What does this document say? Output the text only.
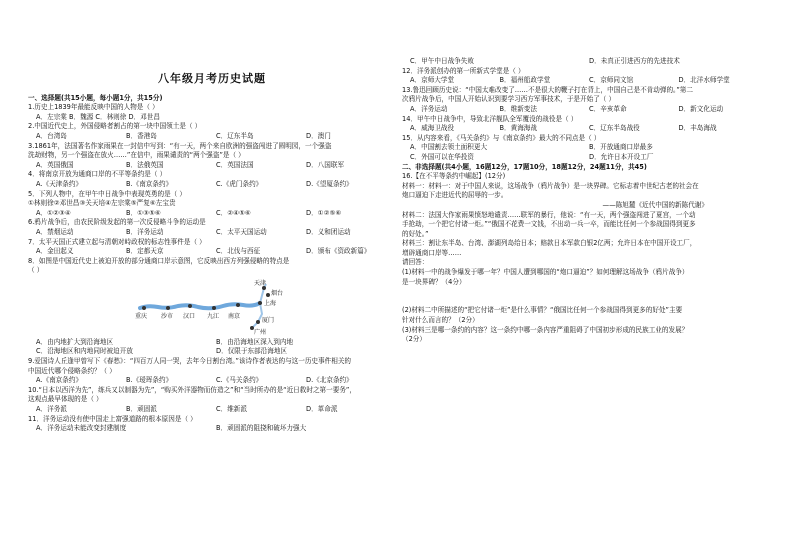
八年级月考历史试题
一、选择题(共15小题，每小题1分，共15分)
1.历史上1839年最能反映中国的人物是（ ）
A．左宗棠 B．魏源 C．林则徐 D．邓世昌
2.中国近代史上，外国侵略者割占的第一块中国领土是（ ）
A．台湾岛	B．香港岛	C．辽东半岛	D．澳门
3.1861年，法国著名作家雨果在一封信中写到：“有一天，两个来自欧洲的强盗闯进了圆明园，一个强盗
洗劫财物，另一个强盗在放火……”在信中，雨果谴责的“两个强盗”是（ ）
A．英国俄国	B．法俄英国	C．英国法国	D．八国联军
4．将南京开放为通商口岸的不平等条约是（ ）
A.《天津条约》	B.《南京条约》	C.《虎门条约》	D.《望厦条约》
5．下列人物中，在甲午中日战争中表现英勇的是（ ）
①林则徐②邓世昌③关天培④左宗棠⑤严复⑥左宝贵
A．①②③④	B．①③⑤⑥	C．②④⑤⑥	D．①②⑤⑥
6.鸦片战争后，由农民阶级发起的第一次反侵略斗争的运动是
A．禁烟运动	B．洋务运动	C．太平天国运动	D．义和团运动
7．太平天国正式建立起与清朝对峙政权的标志性事件是（ ）
A．金田起义	B．定都天京	C．北伐与西征	D．颁布《资政新篇》
8．如图是中国近代史上被迫开放的部分通商口岸示意图，它反映出西方列强侵略的特点是
（ ）
天津
烟台
上海
重庆 沙市 汉口 九江 南京
厦门
广州
A．由内地扩大到沿海地区	B．由沿海地区深入到内地
C．沿海地区和内地同时被迫开放	D．仅限于东部沿海地区
9.爱国诗人丘逢甲曾写下《春愁》：“四百万人同一哭，去年今日割台湾。”该诗作者表达的与这一历史事件相关的
中国近代哪个侵略条约？（ ）
A.《南京条约》	B.《瑷珲条约》	C.《马关条约》	D.《北京条约》
10.“日本以西洋为先”，练兵又以制器为先”，“购买外洋器物而仿造之”和“当时所办的是“近日救时之第一要务”，
这观点最早体现的是（ ）
A．洋务派	B．顽固派	C．维新派	D．革命派
11．洋务运动没有使中国走上富强道路的根本原因是（ ）
A．洋务运动未能改变封建制度	B．顽固派的阻挠和破坏力强大
C．甲午中日战争失败	D．未真正引进西方的先进技术
12．洋务派创办的第一所新式学堂是（ ）
A．京师大学堂	B．福州船政学堂	C．京师同文馆	D．北洋水师学堂
13.鲁迅回顾历史说：“中国太难改变了……不是很大的鞭子打在背上，中国自己是不肯动弹的。”第二
次鸦片战争后，中国人开始认识到要学习西方军事技术，于是开始了（ ）
A．洋务运动	B．维新变法	C．辛亥革命	D．新文化运动
14．甲午中日战争中，导致北洋舰队全军覆没的战役是（ ）
A．威海卫战役	B．黄海海战	C．辽东半岛战役	D．丰岛海战
15．从内容来看，《马关条约》与《南京条约》最大的不同点是（ ）
A．中国割去领土面积更大	B．开放通商口岸最多
C．外国可以在华投资	D．允许日本开设工厂
二、非选择题(共4小题，16题12分，17题10分，18题12分，24题11分，共45)
16.【在不平等条约中崛起】(12分)
材料一：材料一：对于中国人来说，这场战争（鸦片战争）是一块界碑。它标志着中世纪古老的社会在
炮口逼迫下走进近代的屈辱的一步。
——陈旭麓《近代中国的新陈代谢》
材料二：法国大作家雨果愤怒地谴责……联军的暴行，他说：“有一天，两个强盗闯进了夏宫，一个动
手抢劫，一个把它付诸一炬。”“俄国不花费一文钱，不出动一兵一卒，而能比任何一个参战国得到更多
的好处。”
材料三：割让东半岛、台湾、澎湖列岛给日本；赔款日本军款白银2亿两；允许日本在中国开设工厂，
增辟通商口岸等……
请回答：
(1)材料一中的战争爆发于哪一年？中国人遭到哪国的“炮口逼迫”？如何理解这场战争（鸦片战争）
是一块界碑？（4分）
(2)材料二中所描述的“把它付诸一炬”是什么事情？“俄国比任何一个参战国得到更多的好处”主要
针对什么而言的？（2分）
(3)材料三是哪一条约的内容？这一条约中哪一条内容严重阻碍了中国初步形成的民族工业的发展？
（2分）
